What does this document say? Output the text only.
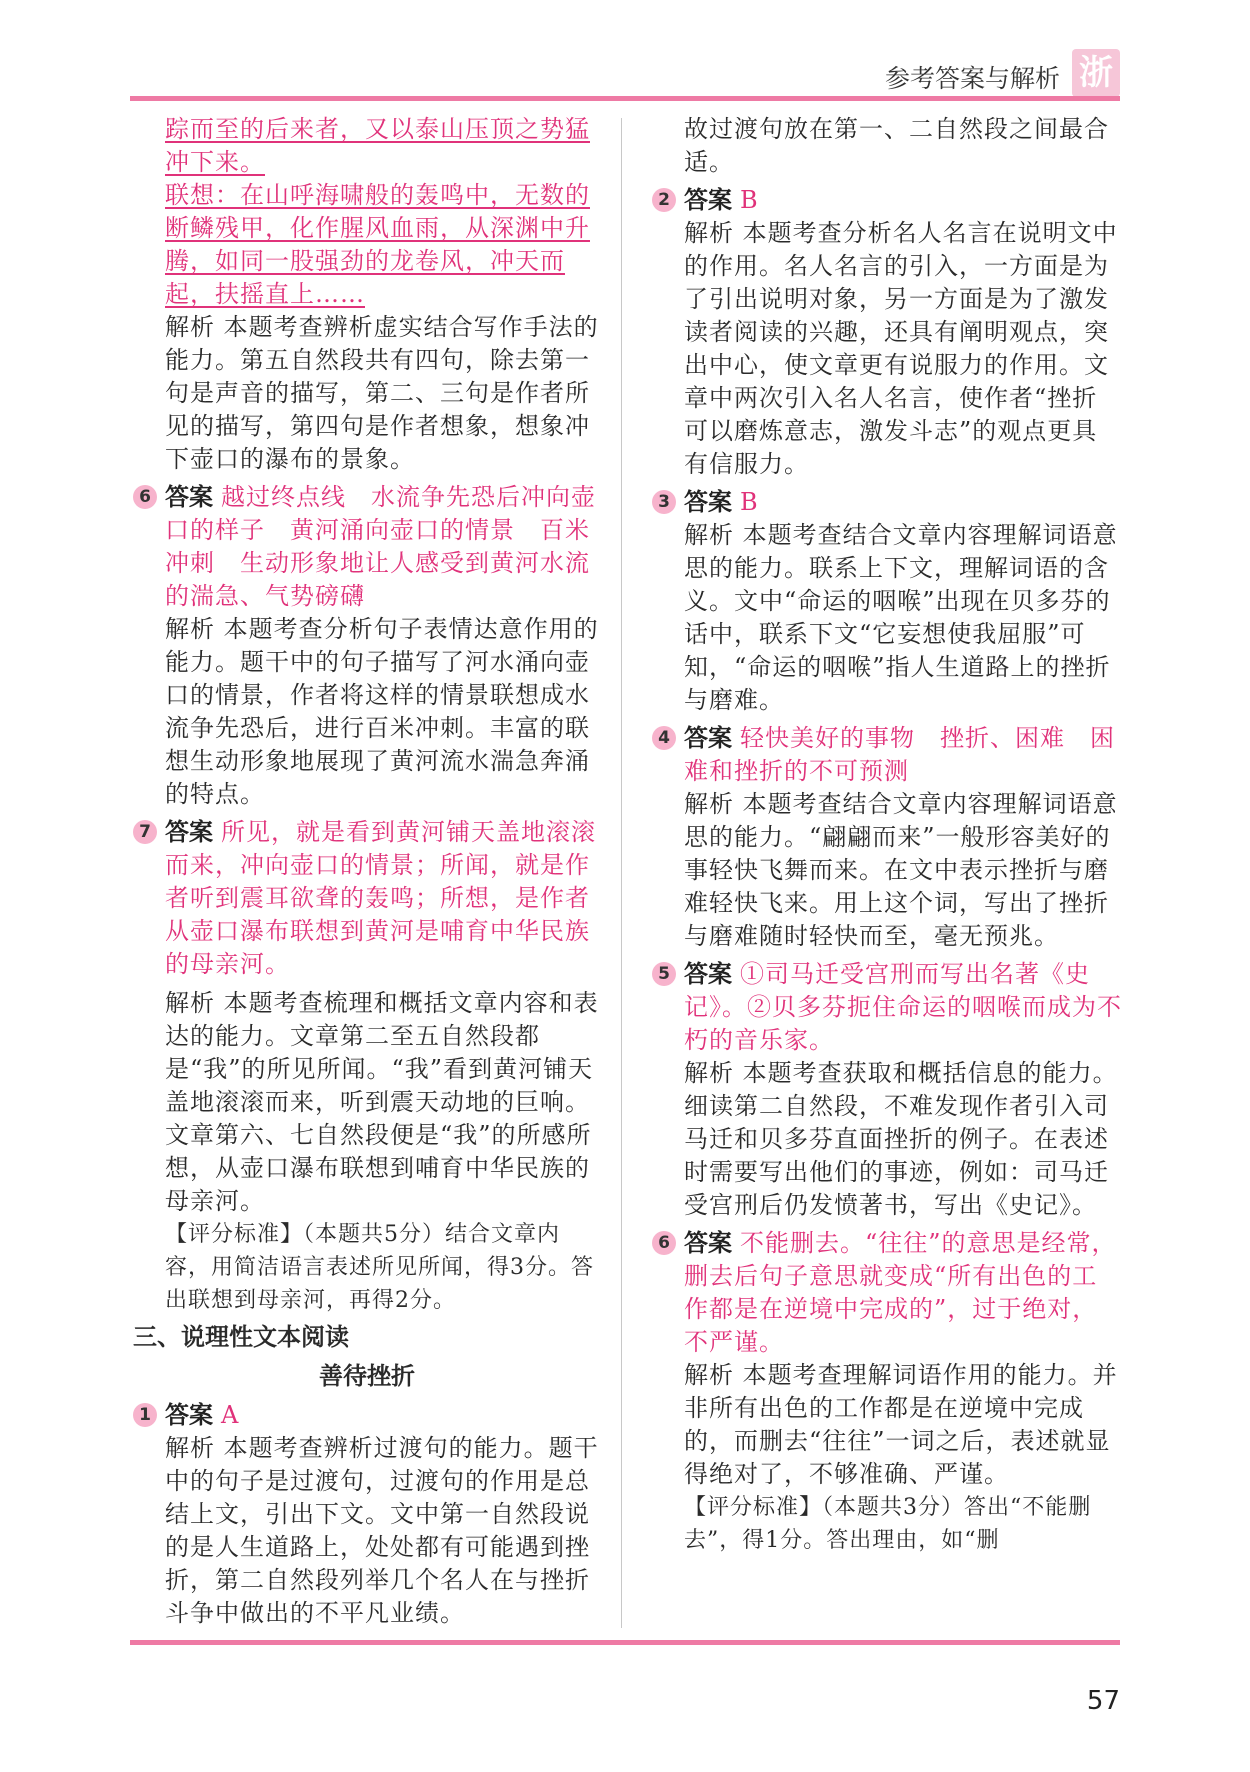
参考答案与解析 浙

踪而至的后来者，又以泰山压顶之势猛冲下来。

联想：在山呼海啸般的轰鸣中，无数的断鳞残甲，化作腥风血雨，从深渊中升腾，如同一股强劲的龙卷风，冲天而起，扶摇直上……

解析 本题考查辨析虚实结合写作手法的能力。第五自然段共有四句，除去第一句是声音的描写，第二、三句是作者所见的描写，第四句是作者想象，想象冲下壶口的瀑布的景象。

6 答案 越过终点线　水流争先恐后冲向壶口的样子　黄河涌向壶口的情景　百米冲刺　生动形象地让人感受到黄河水流的湍急、气势磅礴

解析 本题考查分析句子表情达意作用的能力。题干中的句子描写了河水涌向壶口的情景，作者将这样的情景联想成水流争先恐后，进行百米冲刺。丰富的联想生动形象地展现了黄河流水湍急奔涌的特点。

7 答案 所见，就是看到黄河铺天盖地滚滚而来，冲向壶口的情景；所闻，就是作者听到震耳欲聋的轰鸣；所想，是作者从壶口瀑布联想到黄河是哺育中华民族的母亲河。

解析 本题考查梳理和概括文章内容和表达的能力。文章第二至五自然段都是“我”的所见所闻。“我”看到黄河铺天盖地滚滚而来，听到震天动地的巨响。文章第六、七自然段便是“我”的所感所想，从壶口瀑布联想到哺育中华民族的母亲河。

【评分标准】（本题共5分）结合文章内容，用简洁语言表述所见所闻，得3分。答出联想到母亲河，再得2分。

三、说理性文本阅读

善待挫折

1 答案 A

解析 本题考查辨析过渡句的能力。题干中的句子是过渡句，过渡句的作用是总结上文，引出下文。文中第一自然段说的是人生道路上，处处都有可能遇到挫折，第二自然段列举几个名人在与挫折斗争中做出的不平凡业绩。

故过渡句放在第一、二自然段之间最合适。

2 答案 B

解析 本题考查分析名人名言在说明文中的作用。名人名言的引入，一方面是为了引出说明对象，另一方面是为了激发读者阅读的兴趣，还具有阐明观点，突出中心，使文章更有说服力的作用。文章中两次引入名人名言，使作者“挫折可以磨炼意志，激发斗志”的观点更具有信服力。

3 答案 B

解析 本题考查结合文章内容理解词语意思的能力。联系上下文，理解词语的含义。文中“命运的咽喉”出现在贝多芬的话中，联系下文“它妄想使我屈服”可知，“命运的咽喉”指人生道路上的挫折与磨难。

4 答案 轻快美好的事物　挫折、困难　困难和挫折的不可预测

解析 本题考查结合文章内容理解词语意思的能力。“翩翩而来”一般形容美好的事轻快飞舞而来。在文中表示挫折与磨难轻快飞来。用上这个词，写出了挫折与磨难随时轻快而至，毫无预兆。

5 答案 ①司马迁受宫刑而写出名著《史记》。②贝多芬扼住命运的咽喉而成为不朽的音乐家。

解析 本题考查获取和概括信息的能力。细读第二自然段，不难发现作者引入司马迁和贝多芬直面挫折的例子。在表述时需要写出他们的事迹，例如：司马迁受宫刑后仍发愤著书，写出《史记》。

6 答案 不能删去。“往往”的意思是经常，删去后句子意思就变成“所有出色的工作都是在逆境中完成的”，过于绝对，不严谨。

解析 本题考查理解词语作用的能力。并非所有出色的工作都是在逆境中完成的，而删去“往往”一词之后，表述就显得绝对了，不够准确、严谨。

【评分标准】（本题共3分）答出“不能删去”，得1分。答出理由，如“删

57
